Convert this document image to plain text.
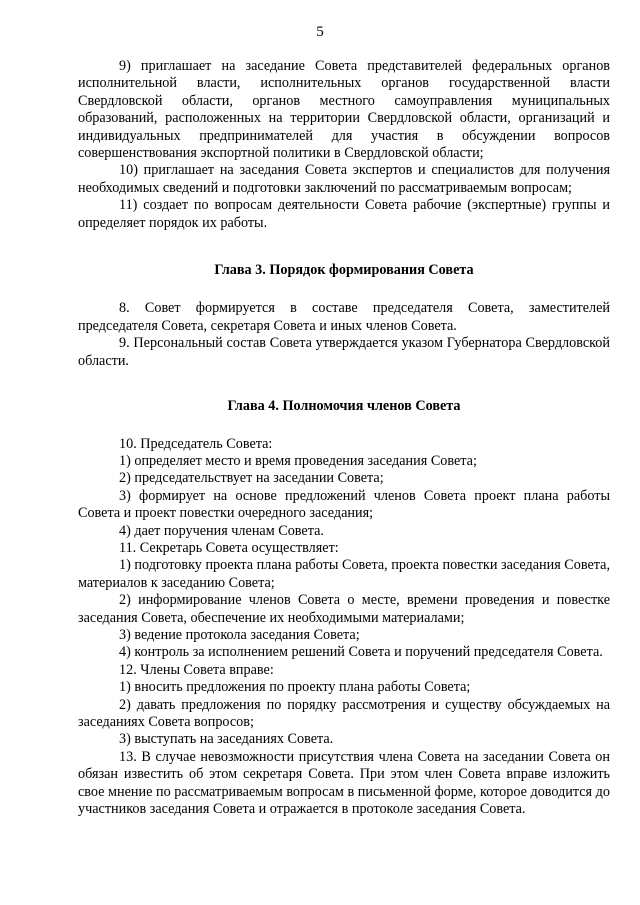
5

9) приглашает на заседание Совета представителей федеральных органов исполнительной власти, исполнительных органов государственной власти Свердловской области, органов местного самоуправления муниципальных образований, расположенных на территории Свердловской области, организаций и индивидуальных предпринимателей для участия в обсуждении вопросов совершенствования экспортной политики в Свердловской области;

10) приглашает на заседания Совета экспертов и специалистов для получения необходимых сведений и подготовки заключений по рассматриваемым вопросам;

11) создает по вопросам деятельности Совета рабочие (экспертные) группы и определяет порядок их работы.

Глава 3. Порядок формирования Совета

8. Совет формируется в составе председателя Совета, заместителей председателя Совета, секретаря Совета и иных членов Совета.

9. Персональный состав Совета утверждается указом Губернатора Свердловской области.

Глава 4. Полномочия членов Совета

10. Председатель Совета:

1) определяет место и время проведения заседания Совета;

2) председательствует на заседании Совета;

3) формирует на основе предложений членов Совета проект плана работы Совета и проект повестки очередного заседания;

4) дает поручения членам Совета.

11. Секретарь Совета осуществляет:

1) подготовку проекта плана работы Совета, проекта повестки заседания Совета, материалов к заседанию Совета;

2) информирование членов Совета о месте, времени проведения и повестке заседания Совета, обеспечение их необходимыми материалами;

3) ведение протокола заседания Совета;

4) контроль за исполнением решений Совета и поручений председателя Совета.

12. Члены Совета вправе:

1) вносить предложения по проекту плана работы Совета;

2) давать предложения по порядку рассмотрения и существу обсуждаемых на заседаниях Совета вопросов;

3) выступать на заседаниях Совета.

13. В случае невозможности присутствия члена Совета на заседании Совета он обязан известить об этом секретаря Совета. При этом член Совета вправе изложить свое мнение по рассматриваемым вопросам в письменной форме, которое доводится до участников заседания Совета и отражается в протоколе заседания Совета.
